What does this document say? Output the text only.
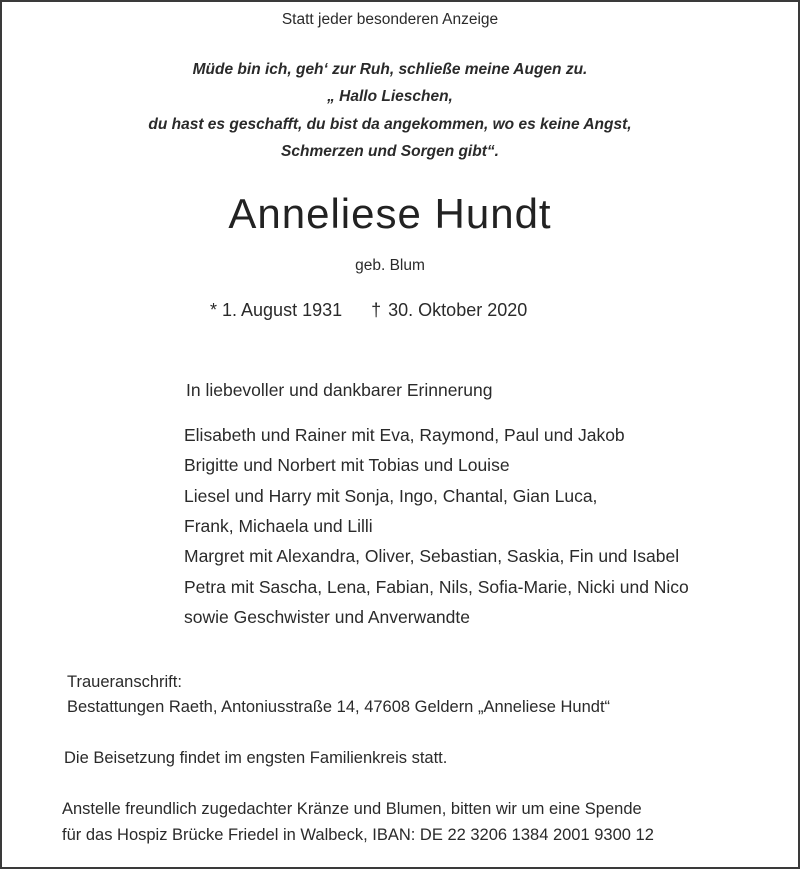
Statt jeder besonderen Anzeige
Müde bin ich, geh‘ zur Ruh, schließe meine Augen zu.
„ Hallo Lieschen,
du hast es geschafft, du bist da angekommen, wo es keine Angst,
Schmerzen und Sorgen gibt“.
Anneliese Hundt
geb. Blum
* 1. August 1931 † 30. Oktober 2020
In liebevoller und dankbarer Erinnerung
Elisabeth und Rainer mit Eva, Raymond, Paul und Jakob
Brigitte und Norbert mit Tobias und Louise
Liesel und Harry mit Sonja, Ingo, Chantal, Gian Luca,
Frank, Michaela und Lilli
Margret mit Alexandra, Oliver, Sebastian, Saskia, Fin und Isabel
Petra mit Sascha, Lena, Fabian, Nils, Sofia-Marie, Nicki und Nico
sowie Geschwister und Anverwandte
Traueranschrift:
Bestattungen Raeth, Antoniusstraße 14, 47608 Geldern „Anneliese Hundt“
Die Beisetzung findet im engsten Familienkreis statt.
Anstelle freundlich zugedachter Kränze und Blumen, bitten wir um eine Spende
für das Hospiz Brücke Friedel in Walbeck, IBAN: DE 22 3206 1384 2001 9300 12
